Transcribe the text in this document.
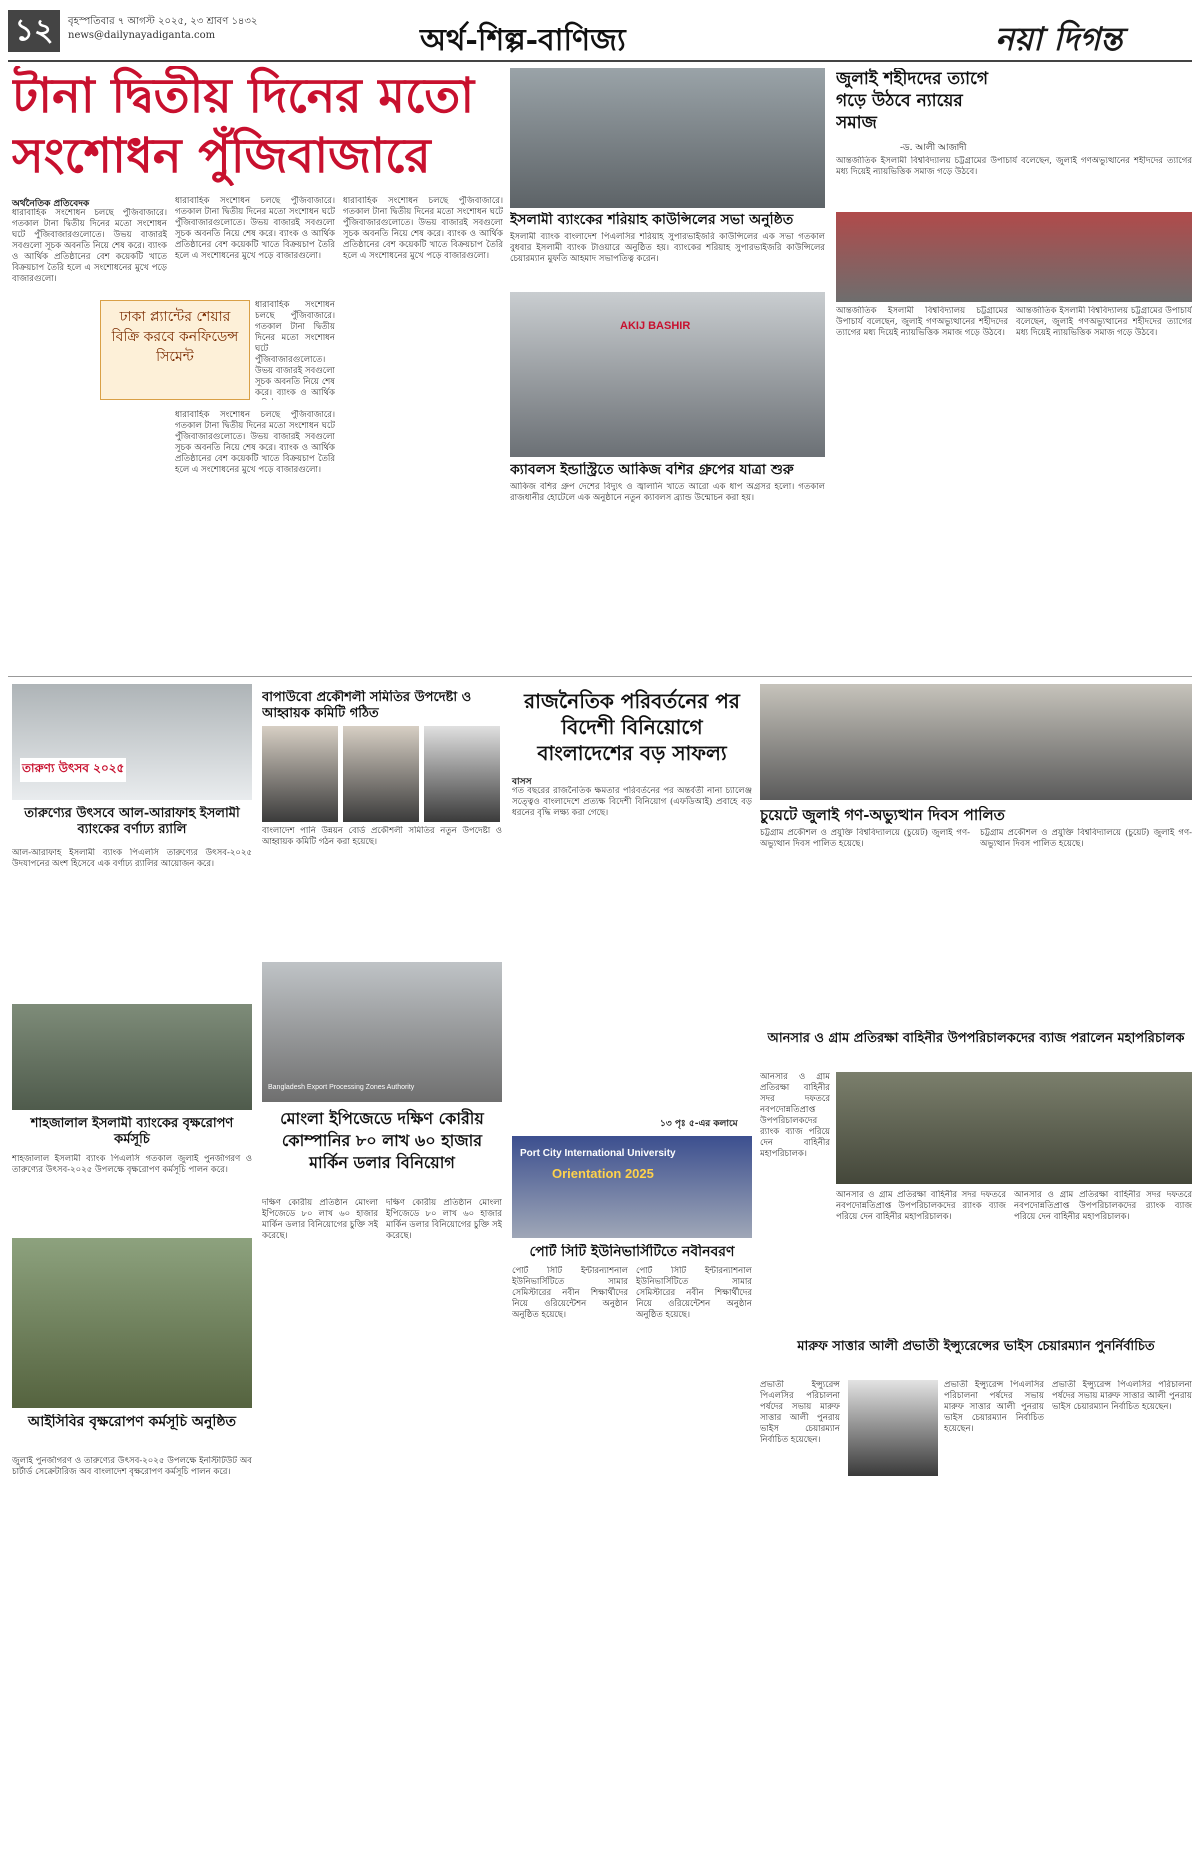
১২	বৃহস্পতিবার ৭ আগস্ট ২০২৫, ২৩ শ্রাবণ ১৪৩২
news@dailynayadiganta.com	অর্থ-শিল্প-বাণিজ্য	নয়া দিগন্ত
টানা দ্বিতীয় দিনের মতো
সংশোধন পুঁজিবাজারে
অর্থনৈতিক প্রতিবেদক
ধারাবাহিক সংশোধন চলছে পুঁজিবাজারে। গতকাল টানা দ্বিতীয় দিনের মতো সংশোধন ঘটে পুঁজিবাজারগুলোতে। উভয় বাজারই সবগুলো সূচক অবনতি নিয়ে শেষ করে। ব্যাংক ও আর্থিক প্রতিষ্ঠানের বেশ কয়েকটি খাতে বিক্রয়চাপ তৈরি হলে এ সংশোধনের মুখে পড়ে বাজারগুলো।
ধারাবাহিক সংশোধন চলছে পুঁজিবাজারে। গতকাল টানা দ্বিতীয় দিনের মতো সংশোধন ঘটে পুঁজিবাজারগুলোতে। উভয় বাজারই সবগুলো সূচক অবনতি নিয়ে শেষ করে। ব্যাংক ও আর্থিক প্রতিষ্ঠানের বেশ কয়েকটি খাতে বিক্রয়চাপ তৈরি হলে এ সংশোধনের মুখে পড়ে বাজারগুলো।
ঢাকা প্ল্যান্টের শেয়ার বিক্রি করবে কনফিডেন্স সিমেন্ট
ধারাবাহিক সংশোধন চলছে পুঁজিবাজারে। গতকাল টানা দ্বিতীয় দিনের মতো সংশোধন ঘটে পুঁজিবাজারগুলোতে। উভয় বাজারই সবগুলো সূচক অবনতি নিয়ে শেষ করে। ব্যাংক ও আর্থিক
ধারাবাহিক সংশোধন চলছে পুঁজিবাজারে। গতকাল টানা দ্বিতীয় দিনের মতো সংশোধন ঘটে পুঁজিবাজারগুলোতে। উভয় বাজারই সবগুলো সূচক অবনতি নিয়ে শেষ করে। ব্যাংক ও আর্থিক প্রতিষ্ঠানের বেশ কয়েকটি খাতে বিক্রয়চাপ তৈরি হলে এ সংশোধনের মুখে পড়ে বাজারগুলো।
ধারাবাহিক সংশোধন চলছে পুঁজিবাজারে। গতকাল টানা দ্বিতীয় দিনের মতো সংশোধন ঘটে পুঁজিবাজারগুলোতে। উভয় বাজারই সবগুলো সূচক অবনতি নিয়ে শেষ করে। ব্যাংক ও আর্থিক প্রতিষ্ঠানের বেশ কয়েকটি খাতে বিক্রয়চাপ তৈরি হলে এ সংশোধনের মুখে পড়ে বাজারগুলো।
ইসলামী ব্যাংকের শরিয়াহ কাউন্সিলের সভা অনুষ্ঠিত
ইসলামী ব্যাংক বাংলাদেশ পিএলসির শরিয়াহ সুপারভাইজরি কাউন্সিলের এক সভা গতকাল বুধবার ইসলামী ব্যাংক টাওয়ারে অনুষ্ঠিত হয়। ব্যাংকের শরিয়াহ সুপারভাইজরি কাউন্সিলের চেয়ারম্যান মুফতি আহমাদ সভাপতিত্ব করেন।
AKIJ BASHIR
ক্যাবলস ইন্ডাস্ট্রিতে আকিজ বশির গ্রুপের যাত্রা শুরু
আকিজ বশির গ্রুপ দেশের বিদ্যুৎ ও জ্বালানি খাতে আরো এক ধাপ অগ্রসর হলো। গতকাল রাজধানীর হোটেলে এক অনুষ্ঠানে নতুন ক্যাবলস ব্র্যান্ড উন্মোচন করা হয়।
জুলাই শহীদদের ত্যাগে গড়ে উঠবে ন্যায়ের সমাজ
-ড. আলী আজাদী
আন্তর্জাতিক ইসলামী বিশ্ববিদ্যালয় চট্টগ্রামের উপাচার্য বলেছেন, জুলাই গণঅভ্যুত্থানের শহীদদের ত্যাগের মধ্য দিয়েই ন্যায়ভিত্তিক সমাজ গড়ে উঠবে।
আন্তর্জাতিক ইসলামী বিশ্ববিদ্যালয় চট্টগ্রামের উপাচার্য বলেছেন, জুলাই গণঅভ্যুত্থানের শহীদদের ত্যাগের মধ্য দিয়েই ন্যায়ভিত্তিক সমাজ গড়ে উঠবে।
আন্তর্জাতিক ইসলামী বিশ্ববিদ্যালয় চট্টগ্রামের উপাচার্য বলেছেন, জুলাই গণঅভ্যুত্থানের শহীদদের ত্যাগের মধ্য দিয়েই ন্যায়ভিত্তিক সমাজ গড়ে উঠবে।
তারুণ্য উৎসব ২০২৫
তারুণ্যের উৎসবে আল-আরাফাহ ইসলামী ব্যাংকের বর্ণাঢ্য র‌্যালি
আল-আরাফাহ ইসলামী ব্যাংক পিএলসি তারুণ্যের উৎসব-২০২৫ উদযাপনের অংশ হিসেবে এক বর্ণাঢ্য র‌্যালির আয়োজন করে।
শাহজালাল ইসলামী ব্যাংকের বৃক্ষরোপণ কর্মসূচি
শাহজালাল ইসলামী ব্যাংক পিএলসি গতকাল জুলাই পুনর্জাগরণ ও তারুণ্যের উৎসব-২০২৫ উপলক্ষে বৃক্ষরোপণ কর্মসূচি পালন করে।
আইসিবির বৃক্ষরোপণ কর্মসূচি অনুষ্ঠিত
জুলাই পুনর্জাগরণ ও তারুণ্যের উৎসব-২০২৫ উপলক্ষে ইনস্টিটিউট অব চার্টার্ড সেক্রেটারিজ অব বাংলাদেশ বৃক্ষরোপণ কর্মসূচি পালন করে।
বাপাউবো প্রকৌশলী সমিতির উপদেষ্টা ও আহ্বায়ক কমিটি গঠিত
বাংলাদেশ পানি উন্নয়ন বোর্ড প্রকৌশলী সমিতির নতুন উপদেষ্টা ও আহ্বায়ক কমিটি গঠন করা হয়েছে।
Bangladesh Export Processing Zones Authority
মোংলা ইপিজেডে দক্ষিণ কোরীয় কোম্পানির ৮০ লাখ ৬০ হাজার মার্কিন ডলার বিনিয়োগ
দক্ষিণ কোরীয় প্রতিষ্ঠান মোংলা ইপিজেডে ৮০ লাখ ৬০ হাজার মার্কিন ডলার বিনিয়োগের চুক্তি সই করেছে।
দক্ষিণ কোরীয় প্রতিষ্ঠান মোংলা ইপিজেডে ৮০ লাখ ৬০ হাজার মার্কিন ডলার বিনিয়োগের চুক্তি সই করেছে।
রাজনৈতিক পরিবর্তনের পর বিদেশী বিনিয়োগে বাংলাদেশের বড় সাফল্য
বাসস
গত বছরের রাজনৈতিক ক্ষমতার পরিবর্তনের পর অন্তর্বর্তী নানা চ্যালেঞ্জ সত্ত্বেও বাংলাদেশে প্রত্যক্ষ বিদেশী বিনিয়োগ (এফডিআই) প্রবাহে বড় ধরনের বৃদ্ধি লক্ষ্য করা গেছে।
১৩ পৃঃ ৫-এর কলামে
Port City International University
Orientation 2025
পোর্ট সিটি ইউনিভার্সিটিতে নবীনবরণ
পোর্ট সিটি ইন্টারন্যাশনাল ইউনিভার্সিটিতে সামার সেমিস্টারের নবীন শিক্ষার্থীদের নিয়ে ওরিয়েন্টেশন অনুষ্ঠান অনুষ্ঠিত হয়েছে।
পোর্ট সিটি ইন্টারন্যাশনাল ইউনিভার্সিটিতে সামার সেমিস্টারের নবীন শিক্ষার্থীদের নিয়ে ওরিয়েন্টেশন অনুষ্ঠান অনুষ্ঠিত হয়েছে।
চুয়েটে জুলাই গণ-অভ্যুত্থান দিবস পালিত
চট্টগ্রাম প্রকৌশল ও প্রযুক্তি বিশ্ববিদ্যালয়ে (চুয়েট) জুলাই গণ-অভ্যুত্থান দিবস পালিত হয়েছে।
চট্টগ্রাম প্রকৌশল ও প্রযুক্তি বিশ্ববিদ্যালয়ে (চুয়েট) জুলাই গণ-অভ্যুত্থান দিবস পালিত হয়েছে।
আনসার ও গ্রাম প্রতিরক্ষা বাহিনীর উপপরিচালকদের ব্যাজ পরালেন মহাপরিচালক
আনসার ও গ্রাম প্রতিরক্ষা বাহিনীর সদর দফতরে নবপদোন্নতিপ্রাপ্ত উপপরিচালকদের র‌্যাংক ব্যাজ পরিয়ে দেন বাহিনীর মহাপরিচালক।
আনসার ও গ্রাম প্রতিরক্ষা বাহিনীর সদর দফতরে নবপদোন্নতিপ্রাপ্ত উপপরিচালকদের র‌্যাংক ব্যাজ পরিয়ে দেন বাহিনীর মহাপরিচালক।
আনসার ও গ্রাম প্রতিরক্ষা বাহিনীর সদর দফতরে নবপদোন্নতিপ্রাপ্ত উপপরিচালকদের র‌্যাংক ব্যাজ পরিয়ে দেন বাহিনীর মহাপরিচালক।
মারুফ সাত্তার আলী প্রভাতী ইন্স্যুরেন্সের ভাইস চেয়ারম্যান পুনর্নির্বাচিত
প্রভাতী ইন্স্যুরেন্স পিএলসির পরিচালনা পর্ষদের সভায় মারুফ সাত্তার আলী পুনরায় ভাইস চেয়ারম্যান নির্বাচিত হয়েছেন।
প্রভাতী ইন্স্যুরেন্স পিএলসির পরিচালনা পর্ষদের সভায় মারুফ সাত্তার আলী পুনরায় ভাইস চেয়ারম্যান নির্বাচিত হয়েছেন।
প্রভাতী ইন্স্যুরেন্স পিএলসির পরিচালনা পর্ষদের সভায় মারুফ সাত্তার আলী পুনরায় ভাইস চেয়ারম্যান নির্বাচিত হয়েছেন।
